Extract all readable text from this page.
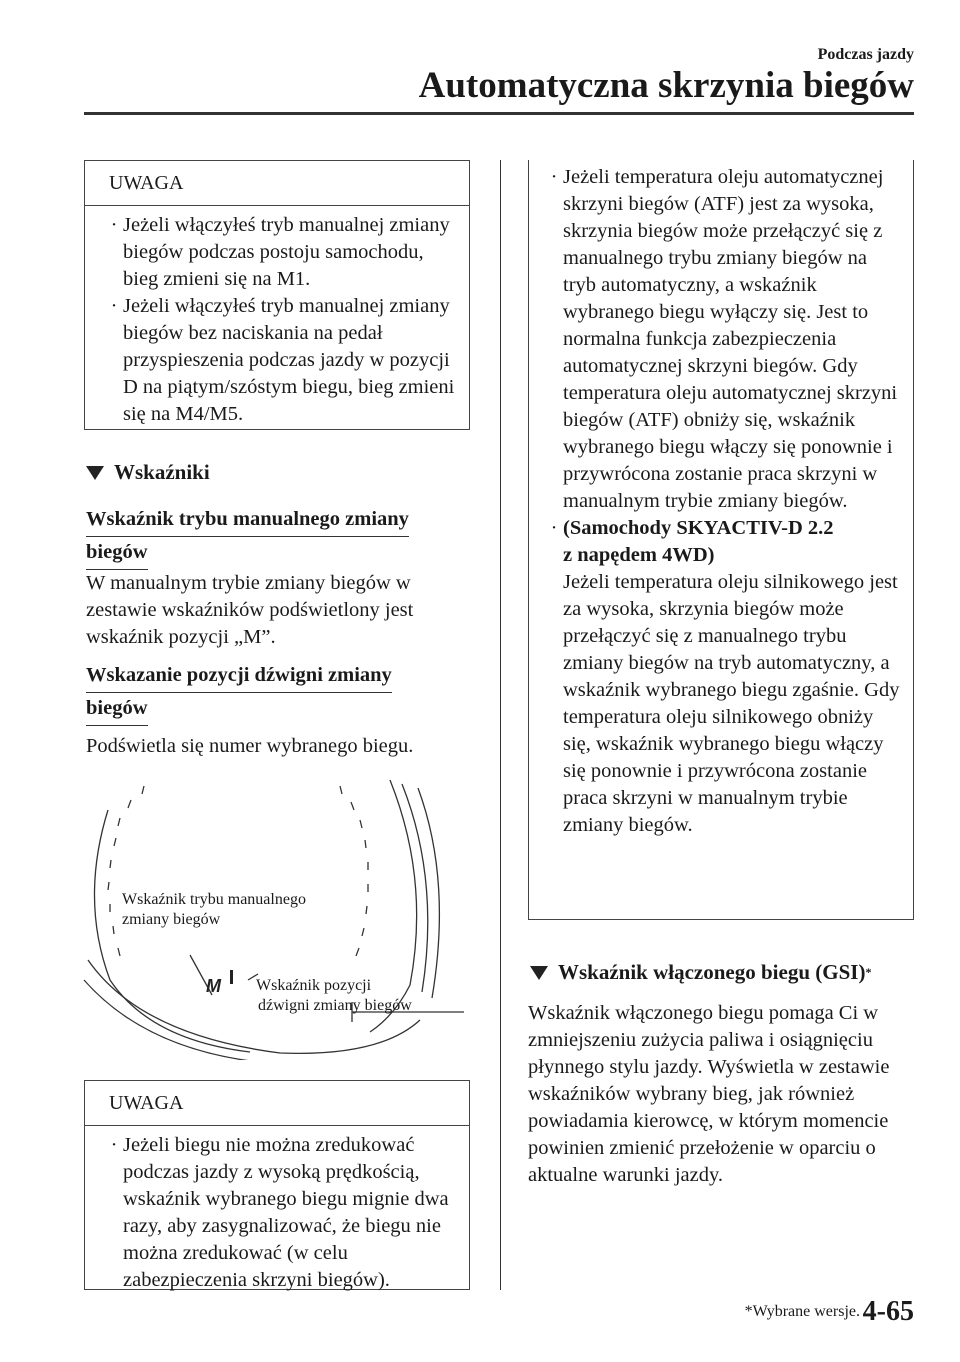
Podczas jazdy
Automatyczna skrzynia biegów
UWAGA
· Jeżeli włączyłeś tryb manualnej zmiany biegów podczas postoju samochodu, bieg zmieni się na M1.
· Jeżeli włączyłeś tryb manualnej zmiany biegów bez naciskania na pedał przyspieszenia podczas jazdy w pozycji D na piątym/szóstym biegu, bieg zmieni się na M4/M5.
Wskaźniki
Wskaźnik trybu manualnego zmiany
biegów
W manualnym trybie zmiany biegów w zestawie wskaźników podświetlony jest wskaźnik pozycji „M”.
Wskazanie pozycji dźwigni zmiany
biegów
Podświetla się numer wybranego biegu.
M
Wskaźnik trybu manualnego
zmiany biegów
Wskaźnik pozycji
dźwigni zmiany biegów
UWAGA
· Jeżeli biegu nie można zredukować podczas jazdy z wysoką prędkością, wskaźnik wybranego biegu mignie dwa razy, aby zasygnalizować, że biegu nie można zredukować (w celu zabezpieczenia skrzyni biegów).
· Jeżeli temperatura oleju automatycznej skrzyni biegów (ATF) jest za wysoka, skrzynia biegów może przełączyć się z manualnego trybu zmiany biegów na tryb automatyczny, a wskaźnik wybranego biegu wyłączy się. Jest to normalna funkcja zabezpieczenia automatycznej skrzyni biegów. Gdy temperatura oleju automatycznej skrzyni biegów (ATF) obniży się, wskaźnik wybranego biegu włączy się ponownie i przywrócona zostanie praca skrzyni w manualnym trybie zmiany biegów.
· (Samochody SKYACTIV-D 2.2
z napędem 4WD)
Jeżeli temperatura oleju silnikowego jest za wysoka, skrzynia biegów może przełączyć się z manualnego trybu zmiany biegów na tryb automatyczny, a wskaźnik wybranego biegu zgaśnie. Gdy temperatura oleju silnikowego obniży się, wskaźnik wybranego biegu włączy się ponownie i przywrócona zostanie praca skrzyni w manualnym trybie zmiany biegów.
Wskaźnik włączonego biegu (GSI) *
Wskaźnik włączonego biegu pomaga Ci w zmniejszeniu zużycia paliwa i osiągnięciu płynnego stylu jazdy. Wyświetla w zestawie wskaźników wybrany bieg, jak również powiadamia kierowcę, w którym momencie powinien zmienić przełożenie w oparciu o aktualne warunki jazdy.
*Wybrane wersje. 4-65
